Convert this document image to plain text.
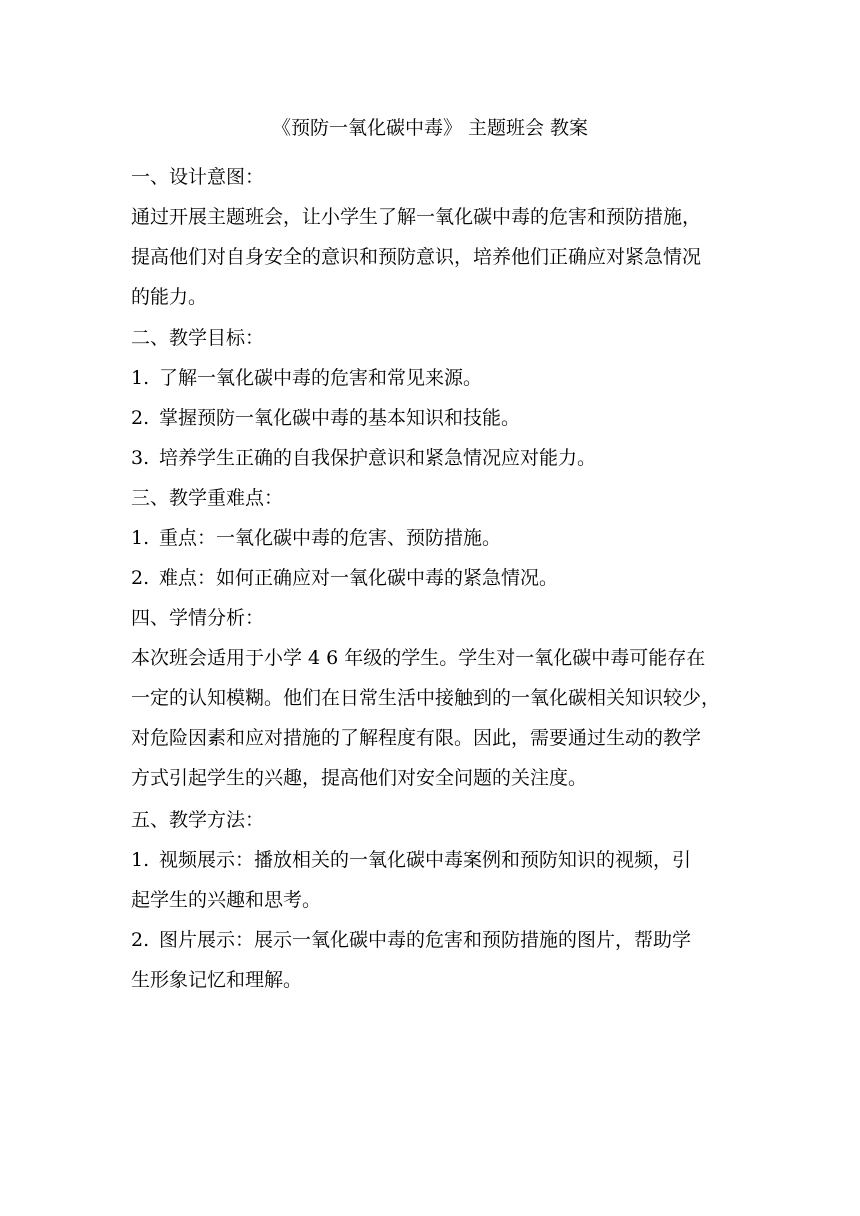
《预防一氧化碳中毒》 主题班会 教案
一、设计意图：
通过开展主题班会，让小学生了解一氧化碳中毒的危害和预防措施，
提高他们对自身安全的意识和预防意识，培养他们正确应对紧急情况
的能力。
二、教学目标：
1. 了解一氧化碳中毒的危害和常见来源。
2. 掌握预防一氧化碳中毒的基本知识和技能。
3. 培养学生正确的自我保护意识和紧急情况应对能力。
三、教学重难点：
1. 重点：一氧化碳中毒的危害、预防措施。
2. 难点：如何正确应对一氧化碳中毒的紧急情况。
四、学情分析：
本次班会适用于小学 4 6 年级的学生。学生对一氧化碳中毒可能存在
一定的认知模糊。他们在日常生活中接触到的一氧化碳相关知识较少，
对危险因素和应对措施的了解程度有限。因此，需要通过生动的教学
方式引起学生的兴趣，提高他们对安全问题的关注度。
五、教学方法：
1. 视频展示：播放相关的一氧化碳中毒案例和预防知识的视频，引
起学生的兴趣和思考。
2. 图片展示：展示一氧化碳中毒的危害和预防措施的图片，帮助学
生形象记忆和理解。
